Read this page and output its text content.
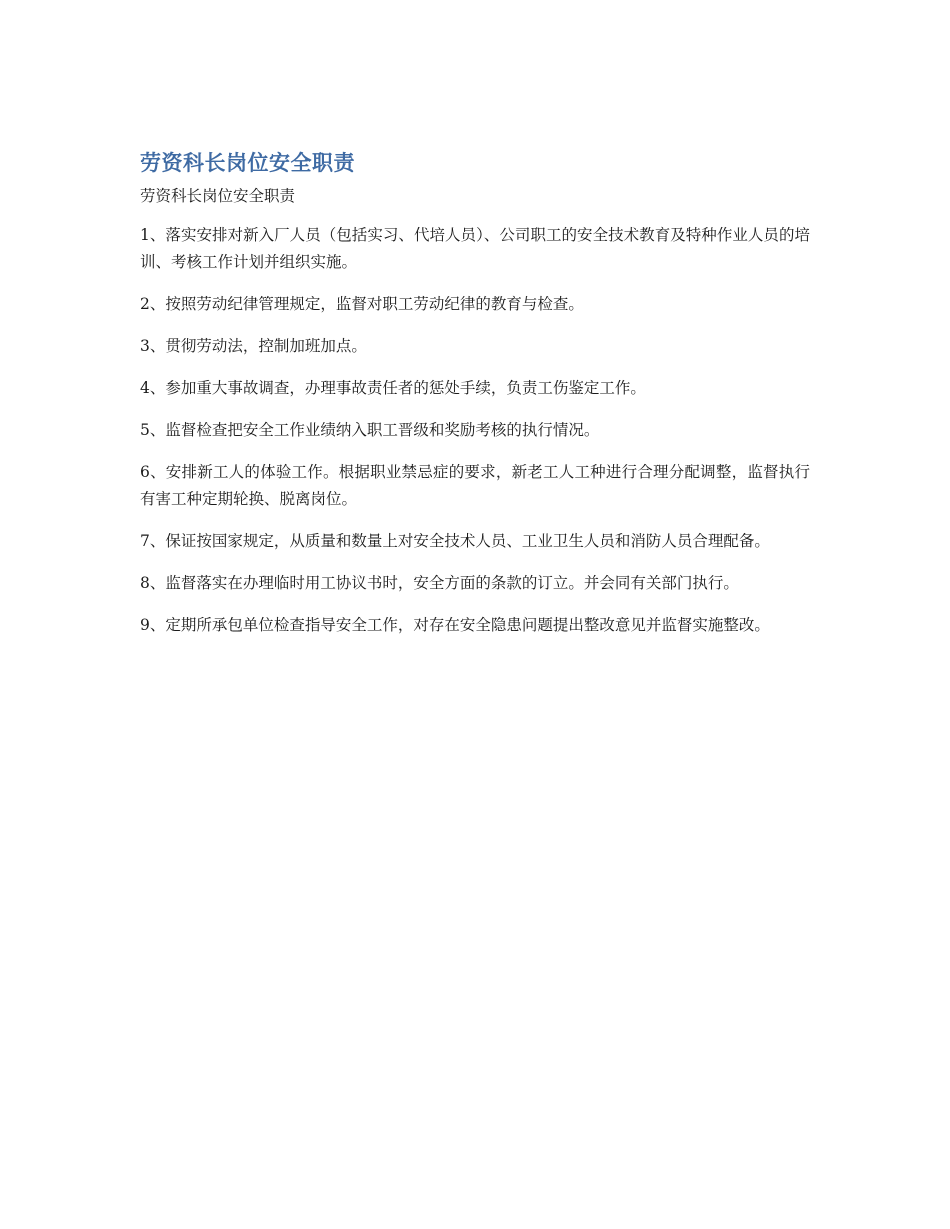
劳资科长岗位安全职责

劳资科长岗位安全职责

1、落实安排对新入厂人员（包括实习、代培人员）、公司职工的安全技术教育及特种作业人员的培训、考核工作计划并组织实施。

2、按照劳动纪律管理规定，监督对职工劳动纪律的教育与检查。

3、贯彻劳动法，控制加班加点。

4、参加重大事故调查，办理事故责任者的惩处手续，负责工伤鉴定工作。

5、监督检查把安全工作业绩纳入职工晋级和奖励考核的执行情况。

6、安排新工人的体验工作。根据职业禁忌症的要求，新老工人工种进行合理分配调整，监督执行有害工种定期轮换、脱离岗位。

7、保证按国家规定，从质量和数量上对安全技术人员、工业卫生人员和消防人员合理配备。

8、监督落实在办理临时用工协议书时，安全方面的条款的订立。并会同有关部门执行。

9、定期所承包单位检查指导安全工作，对存在安全隐患问题提出整改意见并监督实施整改。
